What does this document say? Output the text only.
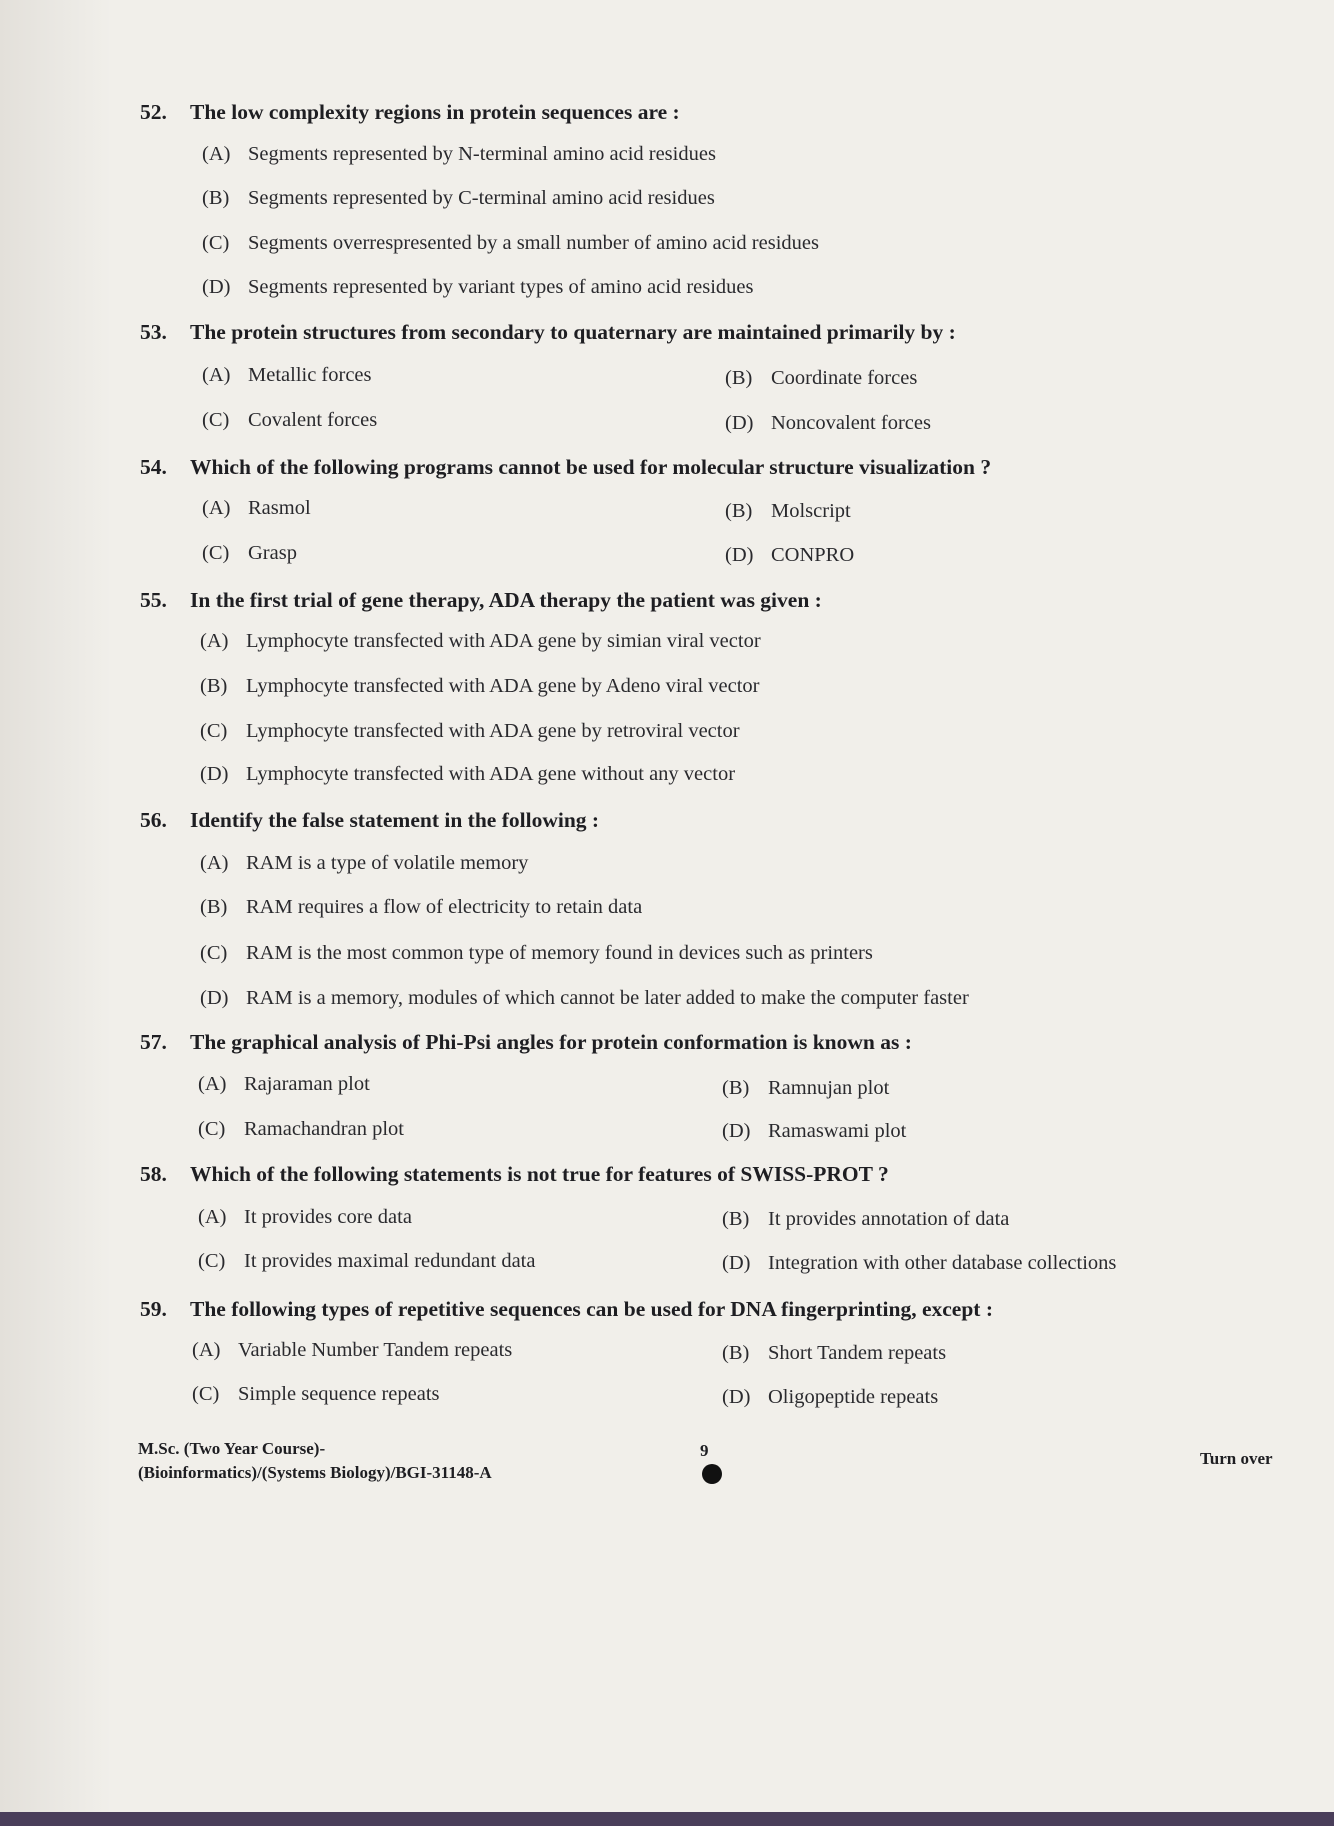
52. The low complexity regions in protein sequences are :
(A) Segments represented by N-terminal amino acid residues
(B) Segments represented by C-terminal amino acid residues
(C) Segments overrespresented by a small number of amino acid residues
(D) Segments represented by variant types of amino acid residues
53. The protein structures from secondary to quaternary are maintained primarily by :
(A) Metallic forces	(B) Coordinate forces
(C) Covalent forces	(D) Noncovalent forces
54. Which of the following programs cannot be used for molecular structure visualization ?
(A) Rasmol	(B) Molscript
(C) Grasp	(D) CONPRO
55. In the first trial of gene therapy, ADA therapy the patient was given :
(A) Lymphocyte transfected with ADA gene by simian viral vector
(B) Lymphocyte transfected with ADA gene by Adeno viral vector
(C) Lymphocyte transfected with ADA gene by retroviral vector
(D) Lymphocyte transfected with ADA gene without any vector
56. Identify the false statement in the following :
(A) RAM is a type of volatile memory
(B) RAM requires a flow of electricity to retain data
(C) RAM is the most common type of memory found in devices such as printers
(D) RAM is a memory, modules of which cannot be later added to make the computer faster
57. The graphical analysis of Phi-Psi angles for protein conformation is known as :
(A) Rajaraman plot	(B) Ramnujan plot
(C) Ramachandran plot	(D) Ramaswami plot
58. Which of the following statements is not true for features of SWISS-PROT ?
(A) It provides core data	(B) It provides annotation of data
(C) It provides maximal redundant data	(D) Integration with other database collections
59. The following types of repetitive sequences can be used for DNA fingerprinting, except :
(A) Variable Number Tandem repeats	(B) Short Tandem repeats
(C) Simple sequence repeats	(D) Oligopeptide repeats
M.Sc. (Two Year Course)-
(Bioinformatics)/(Systems Biology)/BGI-31148-A
9	Turn over
